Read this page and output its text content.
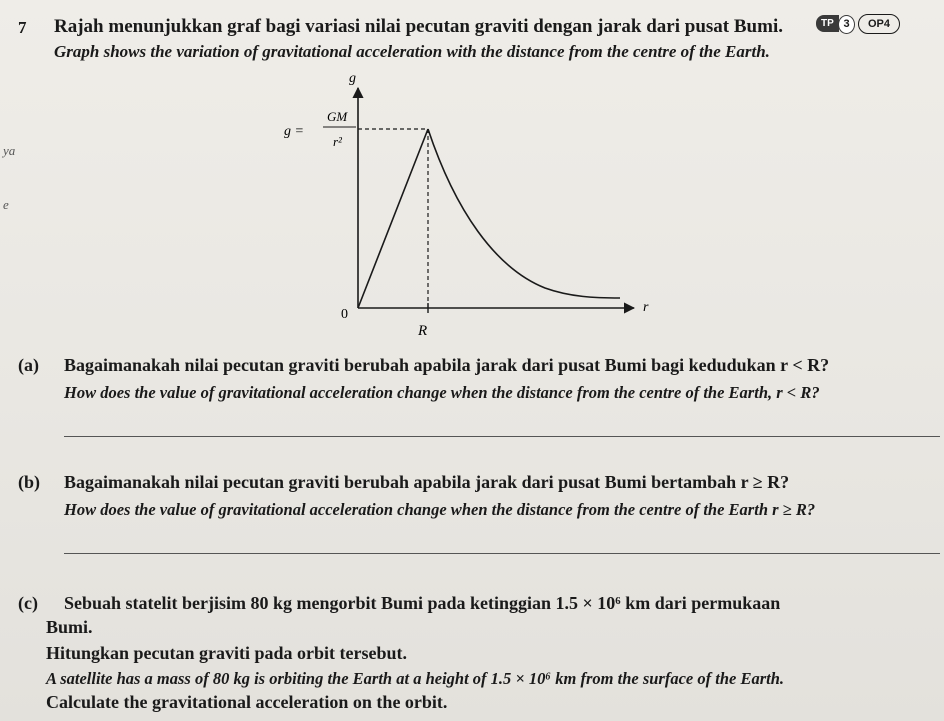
7 Rajah menunjukkan graf bagi variasi nilai pecutan graviti dengan jarak dari pusat Bumi.
Graph shows the variation of gravitational acceleration with the distance from the centre of the Earth.
TP 3	OP4
ya
e
g
r
0
R
g =
GM
r²
(a) Bagaimanakah nilai pecutan graviti berubah apabila jarak dari pusat Bumi bagi kedudukan r < R?
How does the value of gravitational acceleration change when the distance from the centre of the Earth, r < R?
(b) Bagaimanakah nilai pecutan graviti berubah apabila jarak dari pusat Bumi bertambah r ≥ R?
How does the value of gravitational acceleration change when the distance from the centre of the Earth r ≥ R?
(c) Sebuah statelit berjisim 80 kg mengorbit Bumi pada ketinggian 1.5 × 10⁶ km dari permukaan
Bumi.
Hitungkan pecutan graviti pada orbit tersebut.
A satellite has a mass of 80 kg is orbiting the Earth at a height of 1.5 × 10⁶ km from the surface of the Earth.
Calculate the gravitational acceleration on the orbit.
